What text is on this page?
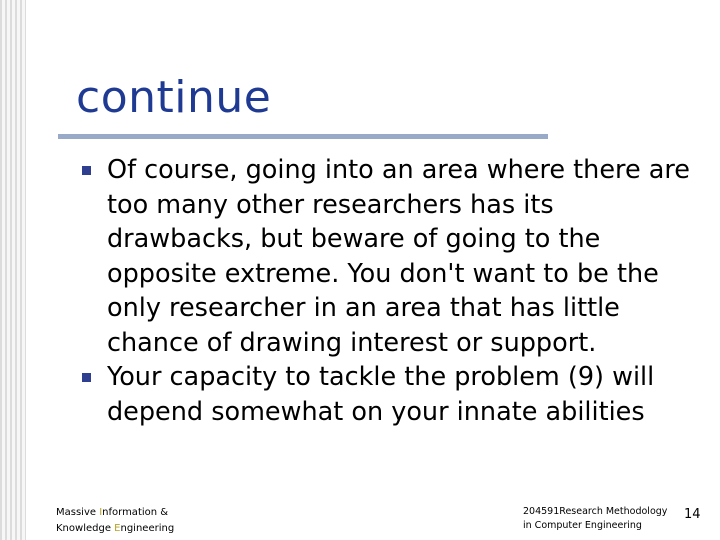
continue
Of course, going into an area where there are too many other researchers has its drawbacks, but beware of going to the opposite extreme. You don't want to be the only researcher in an area that has little chance of drawing interest or support.
Your capacity to tackle the problem (9) will depend somewhat on your innate abilities
Massive Information &
Knowledge Engineering
204591Research Methodology
in Computer Engineering
14
